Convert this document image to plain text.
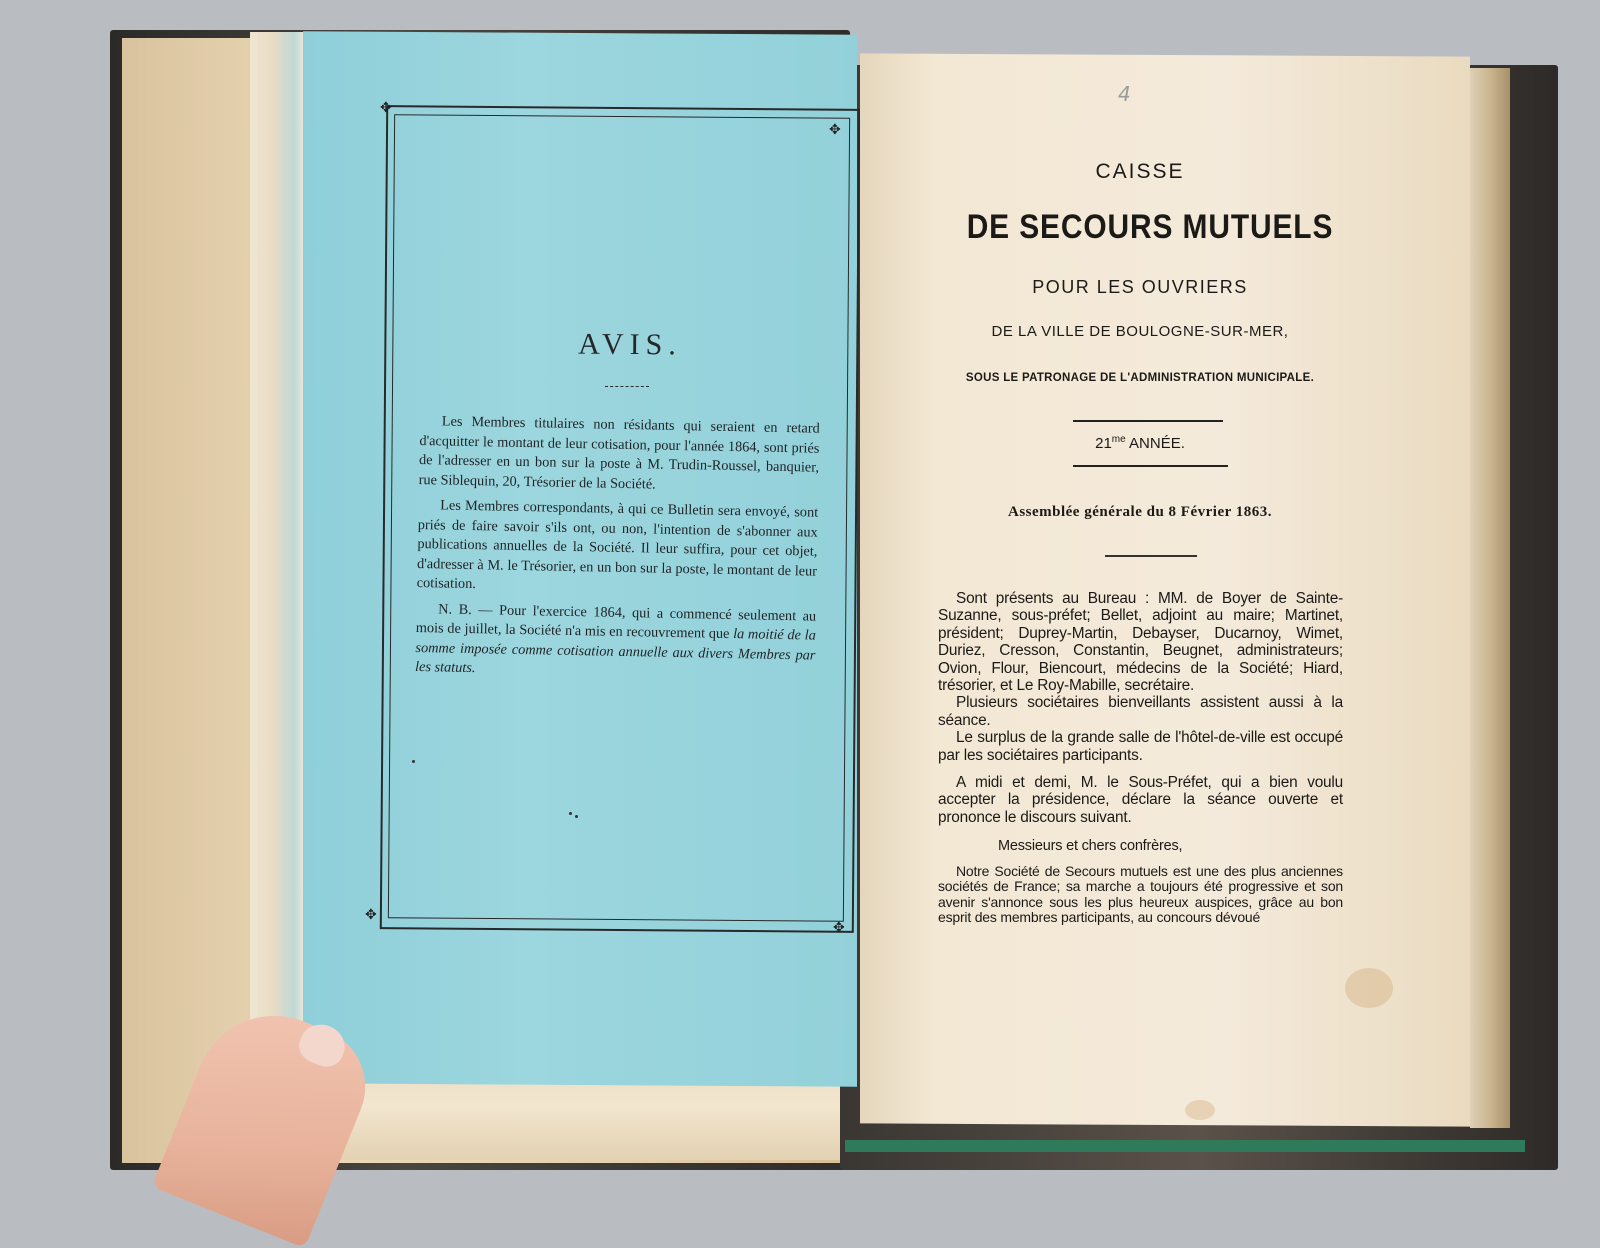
✥
✥
✥
✥
AVIS.

Les Membres titulaires non résidants qui seraient en retard d'acquitter le montant de leur cotisation, pour l'année 1864, sont priés de l'adresser en un bon sur la poste à M. Trudin-Roussel, banquier, rue Siblequin, 20, Trésorier de la Société.

Les Membres correspondants, à qui ce Bulletin sera envoyé, sont priés de faire savoir s'ils ont, ou non, l'intention de s'abonner aux publications annuelles de la Société. Il leur suffira, pour cet objet, d'adresser à M. le Trésorier, en un bon sur la poste, le montant de leur cotisation.

N. B. — Pour l'exercice 1864, qui a commencé seulement au mois de juillet, la Société n'a mis en recouvrement que la moitié de la somme imposée comme cotisation annuelle aux divers Membres par les statuts.

4
CAISSE
DE SECOURS MUTUELS
POUR LES OUVRIERS
DE LA VILLE DE BOULOGNE-SUR-MER,
SOUS LE PATRONAGE DE L'ADMINISTRATION MUNICIPALE.
$21^{me}$ ANNÉE.
Assemblée générale du 8 Février 1863.

Sont présents au Bureau : MM. de Boyer de Sainte-Suzanne, sous-préfet; Bellet, adjoint au maire; Martinet, président; Duprey-Martin, Debayser, Ducarnoy, Wimet, Duriez, Cresson, Constantin, Beugnet, administrateurs; Ovion, Flour, Biencourt, médecins de la Société; Hiard, trésorier, et Le Roy-Mabille, secrétaire.

Plusieurs sociétaires bienveillants assistent aussi à la séance.

Le surplus de la grande salle de l'hôtel-de-ville est occupé par les sociétaires participants.

A midi et demi, M. le Sous-Préfet, qui a bien voulu accepter la présidence, déclare la séance ouverte et prononce le discours suivant.

Messieurs et chers confrères,

Notre Société de Secours mutuels est une des plus anciennes sociétés de France; sa marche a toujours été progressive et son avenir s'annonce sous les plus heureux auspices, grâce au bon esprit des membres participants, au concours dévoué
